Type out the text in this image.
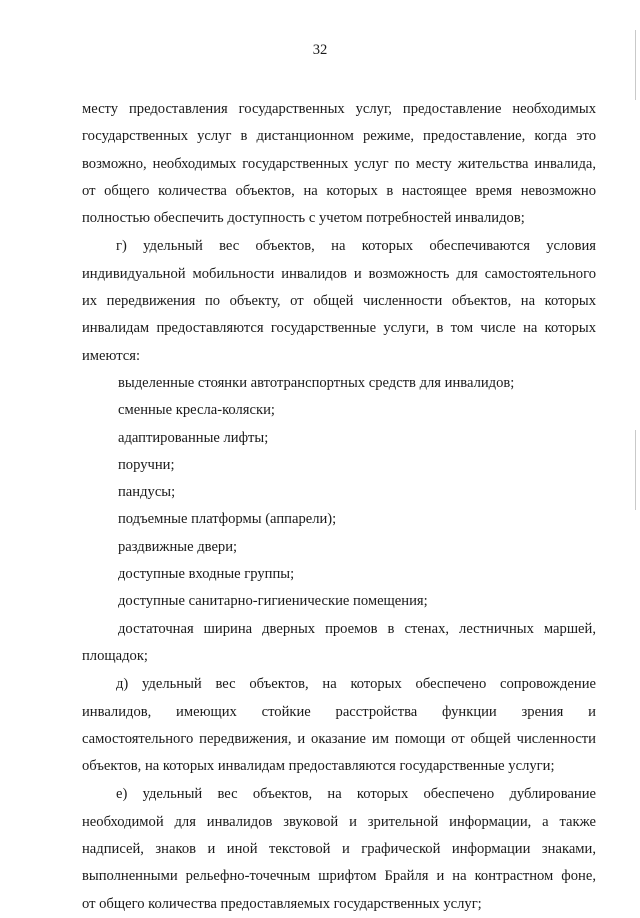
32
месту предоставления государственных услуг, предоставление необходимых
государственных услуг в дистанционном режиме, предоставление, когда это
возможно, необходимых государственных услуг по месту жительства инвалида,
от общего количества объектов, на которых в настоящее время невозможно
полностью обеспечить доступность с учетом потребностей инвалидов;
г) удельный вес объектов, на которых обеспечиваются условия
индивидуальной мобильности инвалидов и возможность для самостоятельного
их передвижения по объекту, от общей численности объектов, на которых
инвалидам предоставляются государственные услуги, в том числе на которых
имеются:
выделенные стоянки автотранспортных средств для инвалидов;
сменные кресла-коляски;
адаптированные лифты;
поручни;
пандусы;
подъемные платформы (аппарели);
раздвижные двери;
доступные входные группы;
доступные санитарно-гигиенические помещения;
достаточная ширина дверных проемов в стенах, лестничных маршей,
площадок;
д) удельный вес объектов, на которых обеспечено сопровождение
инвалидов, имеющих стойкие расстройства функции зрения и
самостоятельного передвижения, и оказание им помощи от общей численности
объектов, на которых инвалидам предоставляются государственные услуги;
е) удельный вес объектов, на которых обеспечено дублирование
необходимой для инвалидов звуковой и зрительной информации, а также
надписей, знаков и иной текстовой и графической информации знаками,
выполненными рельефно-точечным шрифтом Брайля и на контрастном фоне,
от общего количества предоставляемых государственных услуг;
